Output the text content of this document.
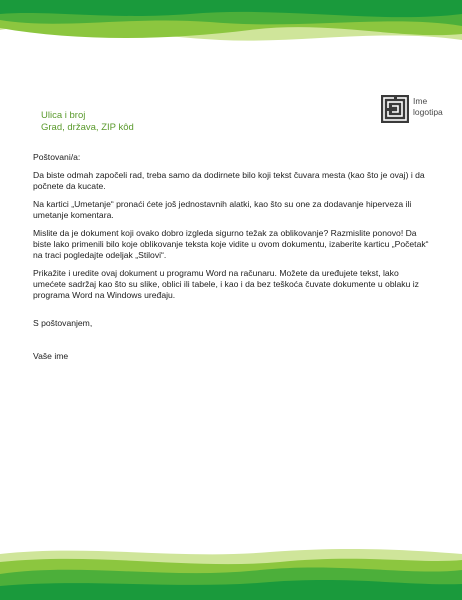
Ulica i broj
Grad, država, ZIP kôd
Ime logotipa

Poštovani/a:

Da biste odmah započeli rad, treba samo da dodirnete bilo koji tekst čuvara mesta (kao što je ovaj) i da počnete da kucate.

Na kartici „Umetanje“ pronaći ćete još jednostavnih alatki, kao što su one za dodavanje hiperveza ili umetanje komentara.

Mislite da je dokument koji ovako dobro izgleda sigurno težak za oblikovanje? Razmislite ponovo! Da biste lako primenili bilo koje oblikovanje teksta koje vidite u ovom dokumentu, izaberite karticu „Početak“ na traci pogledajte odeljak „Stilovi“.

Prikažite i uredite ovaj dokument u programu Word na računaru. Možete da uređujete tekst, lako umećete sadržaj kao što su slike, oblici ili tabele, i kao i da bez teškoća čuvate dokumente u oblaku iz programa Word na Windows uređaju.

S poštovanjem,
Vaše ime
